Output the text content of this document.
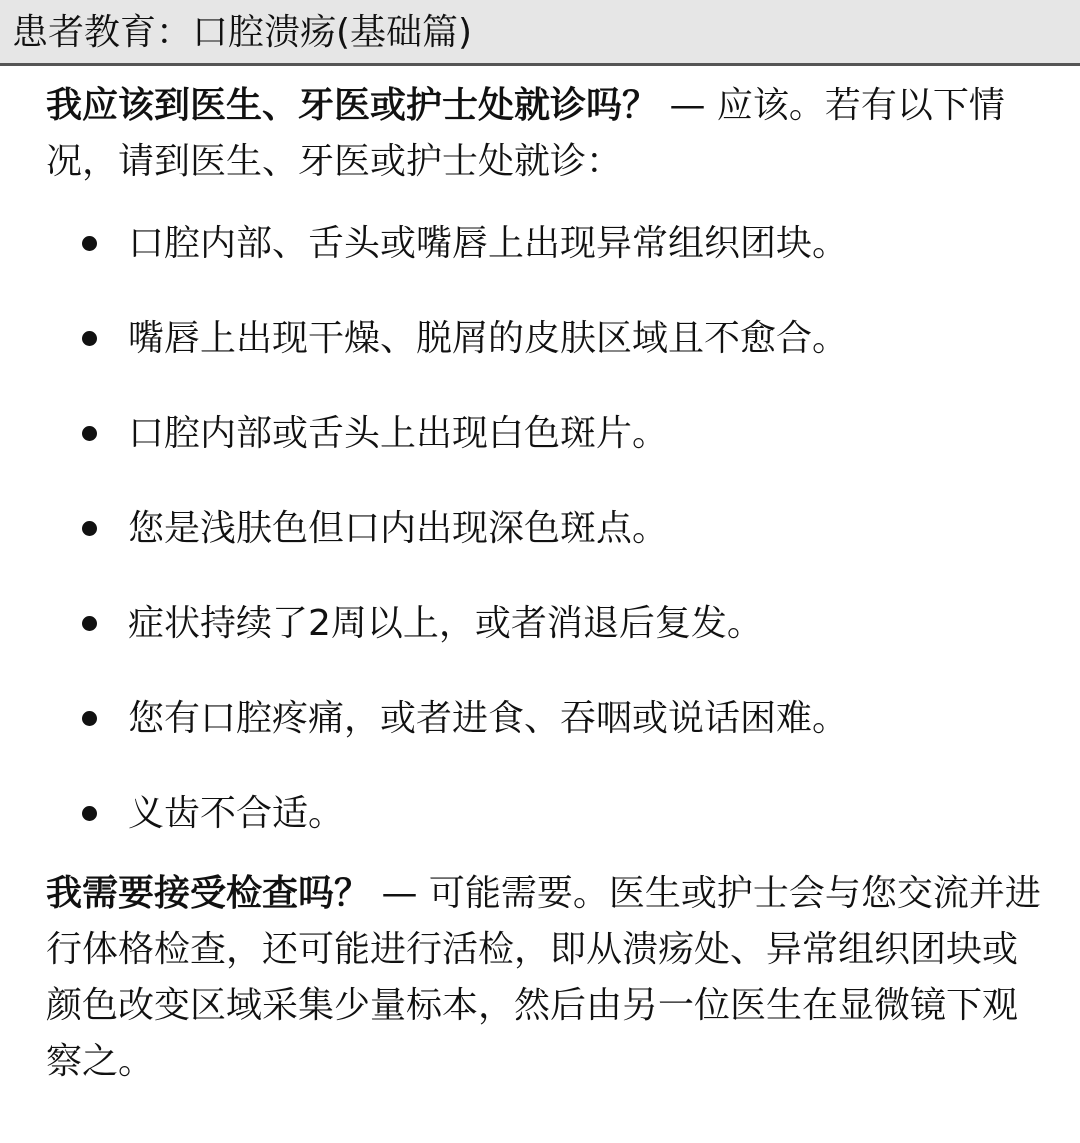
患者教育：口腔溃疡(基础篇)

我应该到医生、牙医或护士处就诊吗？ — 应该。若有以下情况，请到医生、牙医或护士处就诊：

口腔内部、舌头或嘴唇上出现异常组织团块。
嘴唇上出现干燥、脱屑的皮肤区域且不愈合。
口腔内部或舌头上出现白色斑片。
您是浅肤色但口内出现深色斑点。
症状持续了2周以上，或者消退后复发。
您有口腔疼痛，或者进食、吞咽或说话困难。
义齿不合适。

我需要接受检查吗？ — 可能需要。医生或护士会与您交流并进行体格检查，还可能进行活检，即从溃疡处、异常组织团块或颜色改变区域采集少量标本，然后由另一位医生在显微镜下观察之。
